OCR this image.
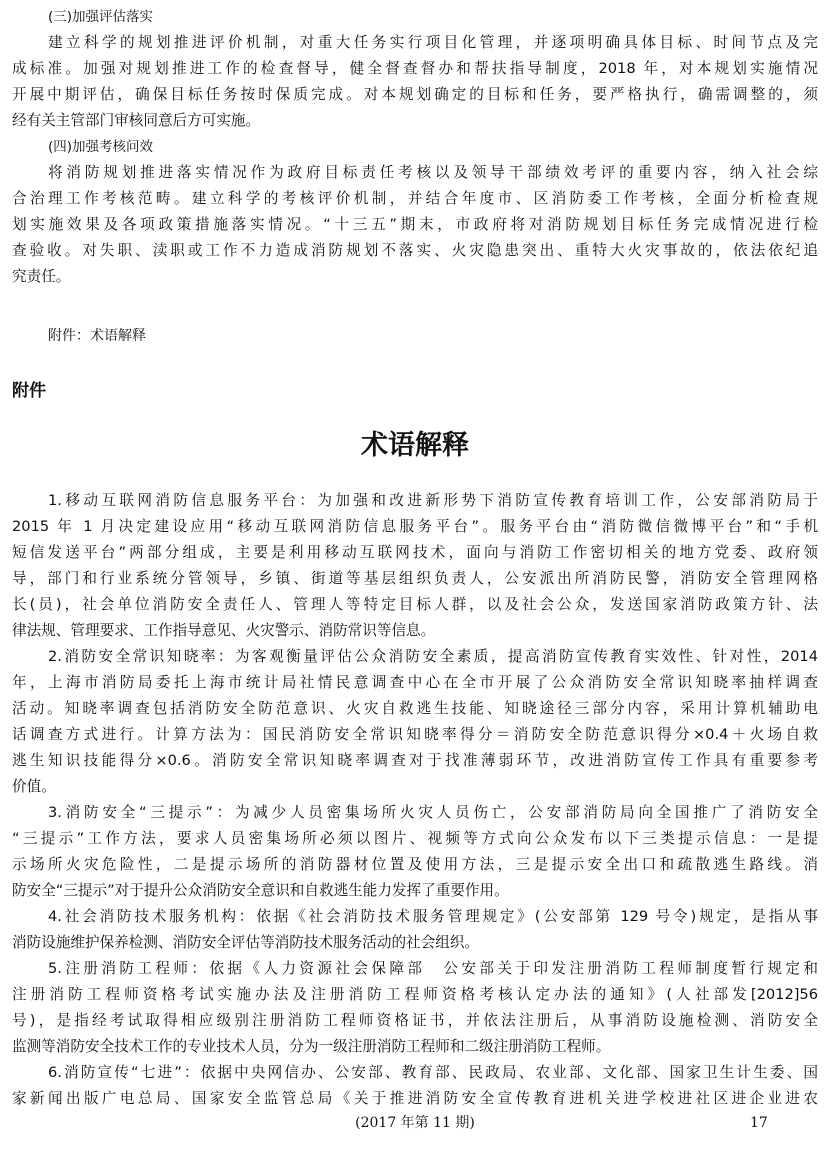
(三)加强评估落实
建立科学的规划推进评价机制，对重大任务实行项目化管理，并逐项明确具体目标、时间节点及完
成标准。加强对规划推进工作的检查督导，健全督查督办和帮扶指导制度，2018 年，对本规划实施情况
开展中期评估，确保目标任务按时保质完成。对本规划确定的目标和任务，要严格执行，确需调整的，须
经有关主管部门审核同意后方可实施。
(四)加强考核问效
将消防规划推进落实情况作为政府目标责任考核以及领导干部绩效考评的重要内容，纳入社会综
合治理工作考核范畴。建立科学的考核评价机制，并结合年度市、区消防委工作考核，全面分析检查规
划实施效果及各项政策措施落实情况。“十三五”期末，市政府将对消防规划目标任务完成情况进行检
查验收。对失职、渎职或工作不力造成消防规划不落实、火灾隐患突出、重特大火灾事故的，依法依纪追
究责任。
附件：术语解释
附件
术语解释
1.移动互联网消防信息服务平台：为加强和改进新形势下消防宣传教育培训工作，公安部消防局于
2015 年 1 月决定建设应用“移动互联网消防信息服务平台”。服务平台由“消防微信微博平台”和“手机
短信发送平台”两部分组成，主要是利用移动互联网技术，面向与消防工作密切相关的地方党委、政府领
导，部门和行业系统分管领导，乡镇、街道等基层组织负责人，公安派出所消防民警，消防安全管理网格
长(员)，社会单位消防安全责任人、管理人等特定目标人群，以及社会公众，发送国家消防政策方针、法
律法规、管理要求、工作指导意见、火灾警示、消防常识等信息。
2.消防安全常识知晓率：为客观衡量评估公众消防安全素质，提高消防宣传教育实效性、针对性，2014
年，上海市消防局委托上海市统计局社情民意调查中心在全市开展了公众消防安全常识知晓率抽样调查
活动。知晓率调查包括消防安全防范意识、火灾自救逃生技能、知晓途径三部分内容，采用计算机辅助电
话调查方式进行。计算方法为：国民消防安全常识知晓率得分＝消防安全防范意识得分×0.4＋火场自救
逃生知识技能得分×0.6。消防安全常识知晓率调查对于找准薄弱环节，改进消防宣传工作具有重要参考
价值。
3.消防安全“三提示”：为减少人员密集场所火灾人员伤亡，公安部消防局向全国推广了消防安全
“三提示”工作方法，要求人员密集场所必须以图片、视频等方式向公众发布以下三类提示信息：一是提
示场所火灾危险性，二是提示场所的消防器材位置及使用方法，三是提示安全出口和疏散逃生路线。消
防安全“三提示”对于提升公众消防安全意识和自救逃生能力发挥了重要作用。
4.社会消防技术服务机构：依据《社会消防技术服务管理规定》(公安部第 129 号令)规定，是指从事
消防设施维护保养检测、消防安全评估等消防技术服务活动的社会组织。
5.注册消防工程师：依据《人力资源社会保障部　公安部关于印发注册消防工程师制度暂行规定和
注册消防工程师资格考试实施办法及注册消防工程师资格考核认定办法的通知》(人社部发[2012]56
号)，是指经考试取得相应级别注册消防工程师资格证书，并依法注册后，从事消防设施检测、消防安全
监测等消防安全技术工作的专业技术人员，分为一级注册消防工程师和二级注册消防工程师。
6.消防宣传“七进”：依据中央网信办、公安部、教育部、民政局、农业部、文化部、国家卫生计生委、国
家新闻出版广电总局、国家安全监管总局《关于推进消防安全宣传教育进机关进学校进社区进企业进农
(2017 年第 11 期)	17
